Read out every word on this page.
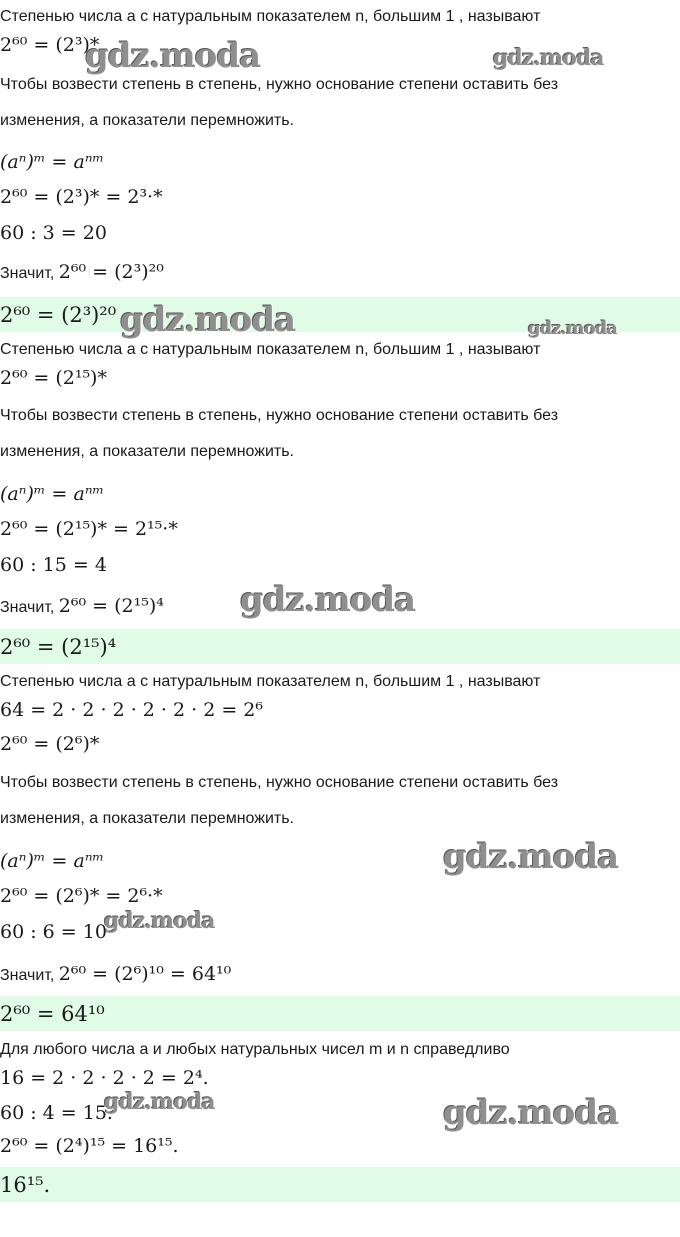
Степенью числа a с натуральным показателем n, большим 1 , называют
2⁶⁰ = (2³)*
Чтобы возвести степень в степень, нужно основание степени оставить без
изменения, а показатели перемножить.
(aⁿ)ᵐ = aⁿᵐ
2⁶⁰ = (2³)* = 2³·*
60 : 3 = 20
Значит, 2⁶⁰ = (2³)²⁰
2⁶⁰ = (2³)²⁰
Степенью числа a с натуральным показателем n, большим 1 , называют
2⁶⁰ = (2¹⁵)*
Чтобы возвести степень в степень, нужно основание степени оставить без
изменения, а показатели перемножить.
(aⁿ)ᵐ = aⁿᵐ
2⁶⁰ = (2¹⁵)* = 2¹⁵·*
60 : 15 = 4
Значит, 2⁶⁰ = (2¹⁵)⁴
2⁶⁰ = (2¹⁵)⁴
Степенью числа a с натуральным показателем n, большим 1 , называют
64 = 2 · 2 · 2 · 2 · 2 · 2 = 2⁶
2⁶⁰ = (2⁶)*
Чтобы возвести степень в степень, нужно основание степени оставить без
изменения, а показатели перемножить.
(aⁿ)ᵐ = aⁿᵐ
2⁶⁰ = (2⁶)* = 2⁶·*
60 : 6 = 10
Значит, 2⁶⁰ = (2⁶)¹⁰ = 64¹⁰
2⁶⁰ = 64¹⁰
Для любого числа a и любых натуральных чисел m и n справедливо
16 = 2 · 2 · 2 · 2 = 2⁴.
60 : 4 = 15.
2⁶⁰ = (2⁴)¹⁵ = 16¹⁵.
16¹⁵.
gdz.moda	gdz.moda
gdz.moda	gdz.moda
gdz.moda
gdz.moda
gdz.moda
gdz.moda	gdz.moda
